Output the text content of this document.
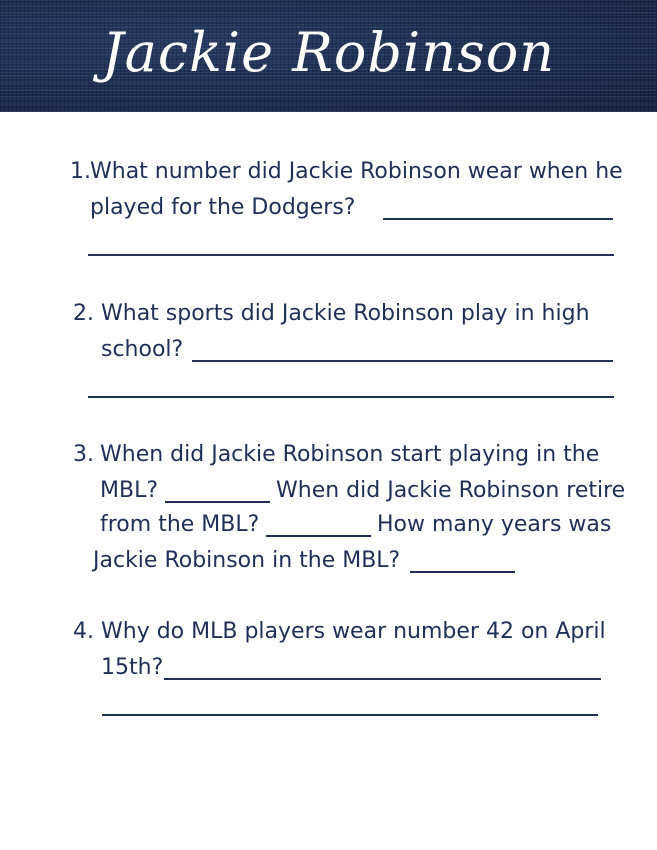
Jackie Robinson
1. What number did Jackie Robinson wear when he
played for the Dodgers?
2. What sports did Jackie Robinson play in high
school?
3. When did Jackie Robinson start playing in the
MBL?	When did Jackie Robinson retire
from the MBL?	How many years was
Jackie Robinson in the MBL?
4. Why do MLB players wear number 42 on April
15th?
